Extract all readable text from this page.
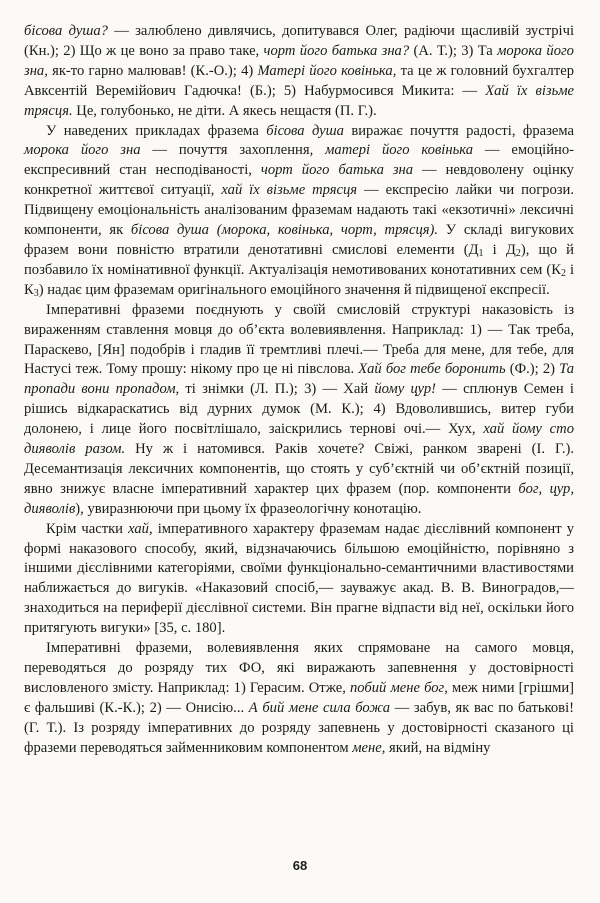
бісова душа? — залюблено дивлячись, допитувався Олег, радіючи щасливій зустрічі (Кн.); 2) Що ж це воно за право таке, чорт його батька зна? (А. Т.); 3) Та морока його зна, як-то гарно малював! (К.-О.); 4) Матері його ковінька, та це ж головний бухгалтер Авксентій Веремійович Гадючка! (Б.); 5) Набурмосився Микита: — Хай їх візьме трясця. Це, голубонько, не діти. А якесь нещастя (П. Г.).

У наведених прикладах фразема бісова душа виражає почуття радості, фразема морока його зна — почуття захоплення, матері його ковінька — емоційно-експресивний стан несподіваності, чорт його батька зна — невдоволену оцінку конкретної життєвої ситуації, хай їх візьме трясця — експресію лайки чи погрози. Підвищену емоціональність аналізованим фраземам надають такі «екзотичні» лексичні компоненти, як бісова душа (морока, ковінька, чорт, трясця). У складі вигукових фразем вони повністю втратили денотативні смислові елементи ($Д_1$ і $Д_2$), що й позбавило їх номінативної функції. Актуалізація немотивованих конотативних сем ($К_2$ і $К_3$) надає цим фраземам оригінального емоційного значення й підвищеної експресії.

Імперативні фраземи поєднують у своїй смисловій структурі наказовість із вираженням ставлення мовця до об’єкта волевиявлення. Наприклад: 1) — Так треба, Параскево, [Ян] подобрів і гладив її тремтливі плечі.— Треба для мене, для тебе, для Настусі теж. Тому прошу: нікому про це ні півслова. Хай бог тебе боронить (Ф.); 2) Та пропади вони пропадом, ті знімки (Л. П.); 3) — Хай йому цур! — сплюнув Семен і рішись відкараскатись від дурних думок (М. К.); 4) Вдоволившись, витер губи долонею, і лице його посвітлішало, заіскрились тернові очі.— Хух, хай йому сто дияволів разом. Ну ж і натомився. Раків хочете? Свіжі, ранком зварені (І. Г.). Десемантизація лексичних компонентів, що стоять у суб’єктній чи об’єктній позиції, явно знижує власне імперативний характер цих фразем (пор. компоненти бог, цур, дияволів), увиразнюючи при цьому їх фразеологічну конотацію.

Крім частки хай, імперативного характеру фраземам надає дієслівний компонент у формі наказового способу, який, відзначаючись більшою емоційністю, порівняно з іншими дієслівними категоріями, своїми функціонально-семантичними властивостями наближається до вигуків. «Наказовий спосіб,— зауважує акад. В. В. Виноградов,— знаходиться на периферії дієслівної системи. Він прагне відпасти від неї, оскільки його притягують вигуки» [35, с. 180].

Імперативні фраземи, волевиявлення яких спрямоване на самого мовця, переводяться до розряду тих ФО, які виражають запевнення у достовірності висловленого змісту. Наприклад: 1) Герасим. Отже, побий мене бог, меж ними [грішми] є фальшиві (К.-К.); 2) — Онисію... А бий мене сила божа — забув, як вас по батькові! (Г. Т.). Із розряду імперативних до розряду запевнень у достовірності сказаного ці фраземи переводяться займенниковим компонентом мене, який, на відміну

68
